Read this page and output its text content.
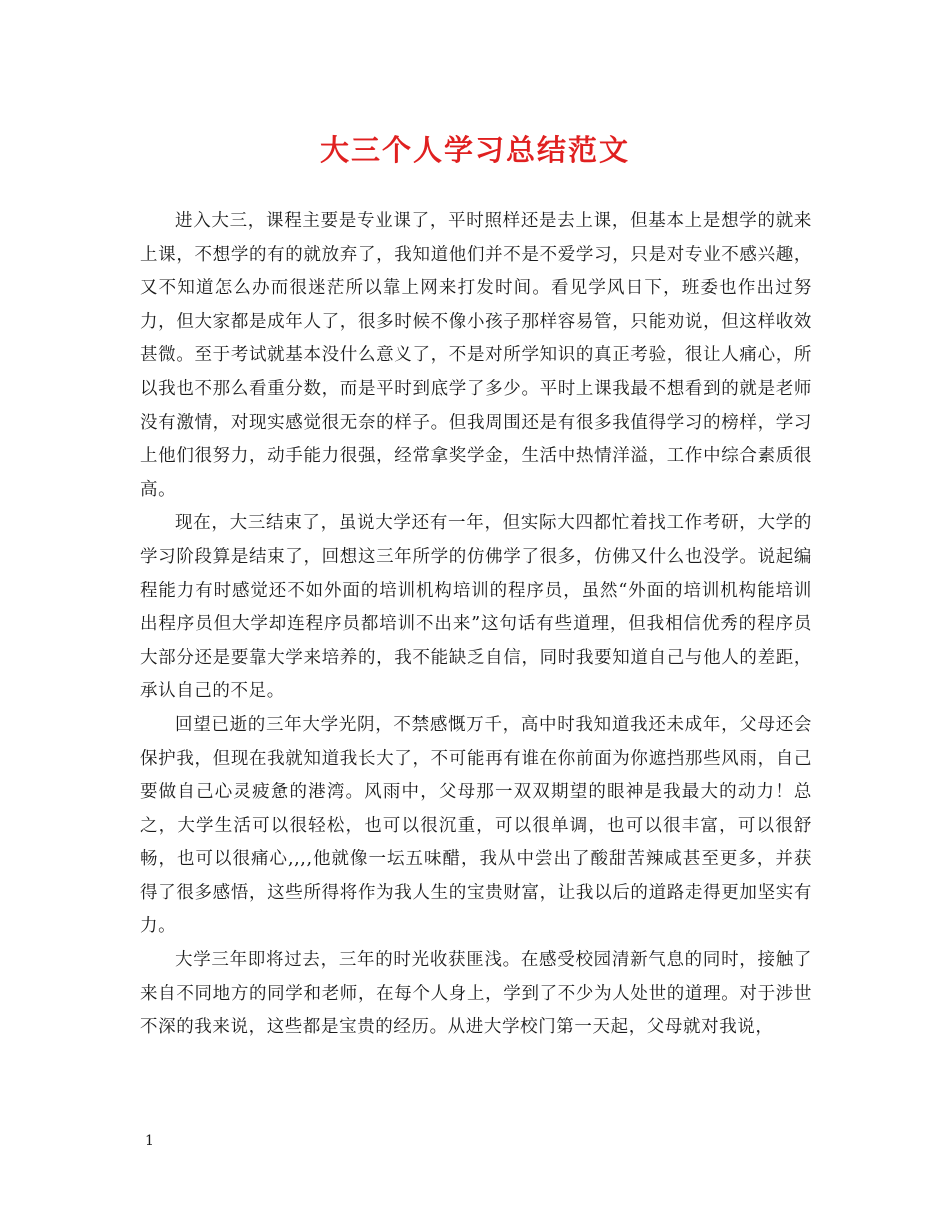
大三个人学习总结范文

进入大三，课程主要是专业课了，平时照样还是去上课，但基本上是想学的就来上课，不想学的有的就放弃了，我知道他们并不是不爱学习，只是对专业不感兴趣，又不知道怎么办而很迷茫所以靠上网来打发时间。看见学风日下，班委也作出过努力，但大家都是成年人了，很多时候不像小孩子那样容易管，只能劝说，但这样收效甚微。至于考试就基本没什么意义了，不是对所学知识的真正考验，很让人痛心，所以我也不那么看重分数，而是平时到底学了多少。平时上课我最不想看到的就是老师没有激情，对现实感觉很无奈的样子。但我周围还是有很多我值得学习的榜样，学习上他们很努力，动手能力很强，经常拿奖学金，生活中热情洋溢，工作中综合素质很高。

现在，大三结束了，虽说大学还有一年，但实际大四都忙着找工作考研，大学的学习阶段算是结束了，回想这三年所学的仿佛学了很多，仿佛又什么也没学。说起编程能力有时感觉还不如外面的培训机构培训的程序员，虽然“外面的培训机构能培训出程序员但大学却连程序员都培训不出来”这句话有些道理，但我相信优秀的程序员大部分还是要靠大学来培养的，我不能缺乏自信，同时我要知道自己与他人的差距，承认自己的不足。

回望已逝的三年大学光阴，不禁感慨万千，高中时我知道我还未成年，父母还会保护我，但现在我就知道我长大了，不可能再有谁在你前面为你遮挡那些风雨，自己要做自己心灵疲惫的港湾。风雨中，父母那一双双期望的眼神是我最大的动力！总之，大学生活可以很轻松，也可以很沉重，可以很单调，也可以很丰富，可以很舒畅，也可以很痛心,,,,他就像一坛五味醋，我从中尝出了酸甜苦辣咸甚至更多，并获得了很多感悟，这些所得将作为我人生的宝贵财富，让我以后的道路走得更加坚实有力。

大学三年即将过去，三年的时光收获匪浅。在感受校园清新气息的同时，接触了来自不同地方的同学和老师，在每个人身上，学到了不少为人处世的道理。对于涉世不深的我来说，这些都是宝贵的经历。从进大学校门第一天起，父母就对我说，

1
